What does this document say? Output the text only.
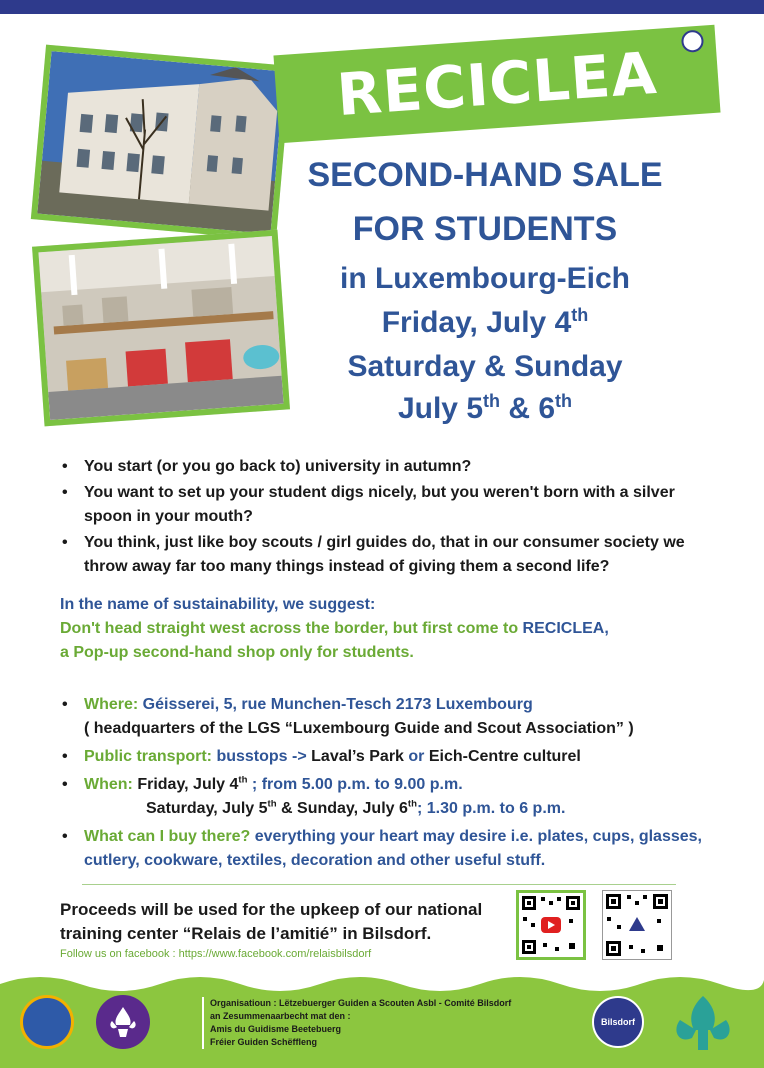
RECICLEA
SECOND-HAND SALE
FOR STUDENTS
in Luxembourg-Eich
Friday, July 4th
Saturday & Sunday
July 5th & 6th
• You start (or you go back to) university in autumn?
• You want to set up your student digs nicely, but you weren't born with a silver spoon in your mouth?
• You think, just like boy scouts / girl guides do, that in our consumer society we throw away far too many things instead of giving them a second life?
In the name of sustainability, we suggest:
Don't head straight west across the border, but first come to RECICLEA,
a Pop-up second-hand shop only for students.
• Where: Géisserei, 5, rue Munchen-Tesch 2173 Luxembourg
( headquarters of the LGS “Luxembourg Guide and Scout Association” )
• Public transport: busstops -> Laval’s Park or Eich-Centre culturel
• When: Friday, July 4th ; from 5.00 p.m. to 9.00 p.m.
Saturday, July 5th & Sunday, July 6th; 1.30 p.m. to 6 p.m.
• What can I buy there? everything your heart may desire i.e. plates, cups, glasses, cutlery, cookware, textiles, decoration and other useful stuff.
Proceeds will be used for the upkeep of our national training center “Relais de l’amitié” in Bilsdorf.
Follow us on facebook : https://www.facebook.com/relaisbilsdorf
Organisatioun : Lëtzebuerger Guiden a Scouten Asbl - Comité Bilsdorf
an Zesummenaarbecht mat den :
Amis du Guidisme Beetebuerg
Fréier Guiden Schëffleng
Bilsdorf
